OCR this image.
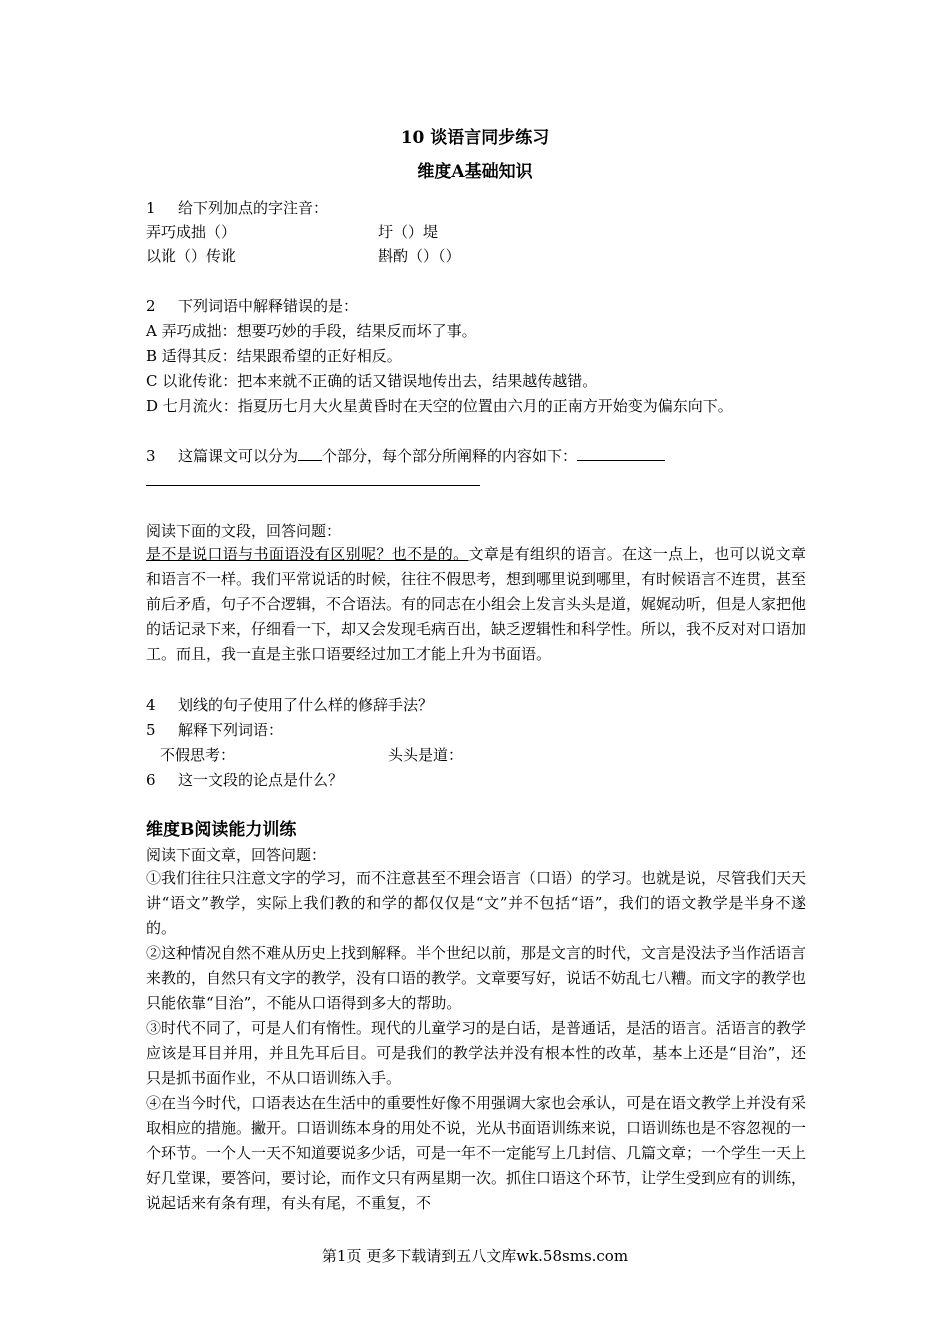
10 谈语言同步练习
维度A基础知识
1 给下列加点的字注音：
弄巧成拙（）	圩（）堤
以讹（）传讹	斟酌（）（）
2 下列词语中解释错误的是：
A 弄巧成拙：想要巧妙的手段，结果反而坏了事。
B 适得其反：结果跟希望的正好相反。
C 以讹传讹：把本来就不正确的话又错误地传出去，结果越传越错。
D 七月流火：指夏历七月大火星黄昏时在天空的位置由六月的正南方开始变为偏东向下。
3 这篇课文可以分为 个部分，每个部分所阐释的内容如下：
阅读下面的文段，回答问题：
是不是说口语与书面语没有区别呢？也不是的。文章是有组织的语言。在这一点上，也可以说文章和语言不一样。我们平常说话的时候，往往不假思考，想到哪里说到哪里，有时候语言不连贯，甚至前后矛盾，句子不合逻辑，不合语法。有的同志在小组会上发言头头是道，娓娓动听，但是人家把他的话记录下来，仔细看一下，却又会发现毛病百出，缺乏逻辑性和科学性。所以，我不反对对口语加工。而且，我一直是主张口语要经过加工才能上升为书面语。
4 划线的句子使用了什么样的修辞手法？
5 解释下列词语：
不假思考：	头头是道：
6 这一文段的论点是什么？
维度B阅读能力训练
阅读下面文章，回答问题：
①我们往往只注意文字的学习，而不注意甚至不理会语言（口语）的学习。也就是说，尽管我们天天讲“语文”教学，实际上我们教的和学的都仅仅是“文”并不包括“语”，我们的语文教学是半身不遂的。
②这种情况自然不难从历史上找到解释。半个世纪以前，那是文言的时代，文言是没法予当作活语言来教的，自然只有文字的教学，没有口语的教学。文章要写好，说话不妨乱七八糟。而文字的教学也只能依靠“目治”，不能从口语得到多大的帮助。
③时代不同了，可是人们有惰性。现代的儿童学习的是白话，是普通话，是活的语言。活语言的教学应该是耳目并用，并且先耳后目。可是我们的教学法并没有根本性的改革，基本上还是“目治”，还只是抓书面作业，不从口语训练入手。
④在当今时代，口语表达在生活中的重要性好像不用强调大家也会承认，可是在语文教学上并没有采取相应的措施。撇开。口语训练本身的用处不说，光从书面语训练来说，口语训练也是不容忽视的一个环节。一个人一天不知道要说多少话，可是一年不一定能写上几封信、几篇文章；一个学生一天上好几堂课，要答问，要讨论，而作文只有两星期一次。抓住口语这个环节，让学生受到应有的训练，说起话来有条有理，有头有尾，不重复，不
第1页 更多下载请到五八文库wk.58sms.com
